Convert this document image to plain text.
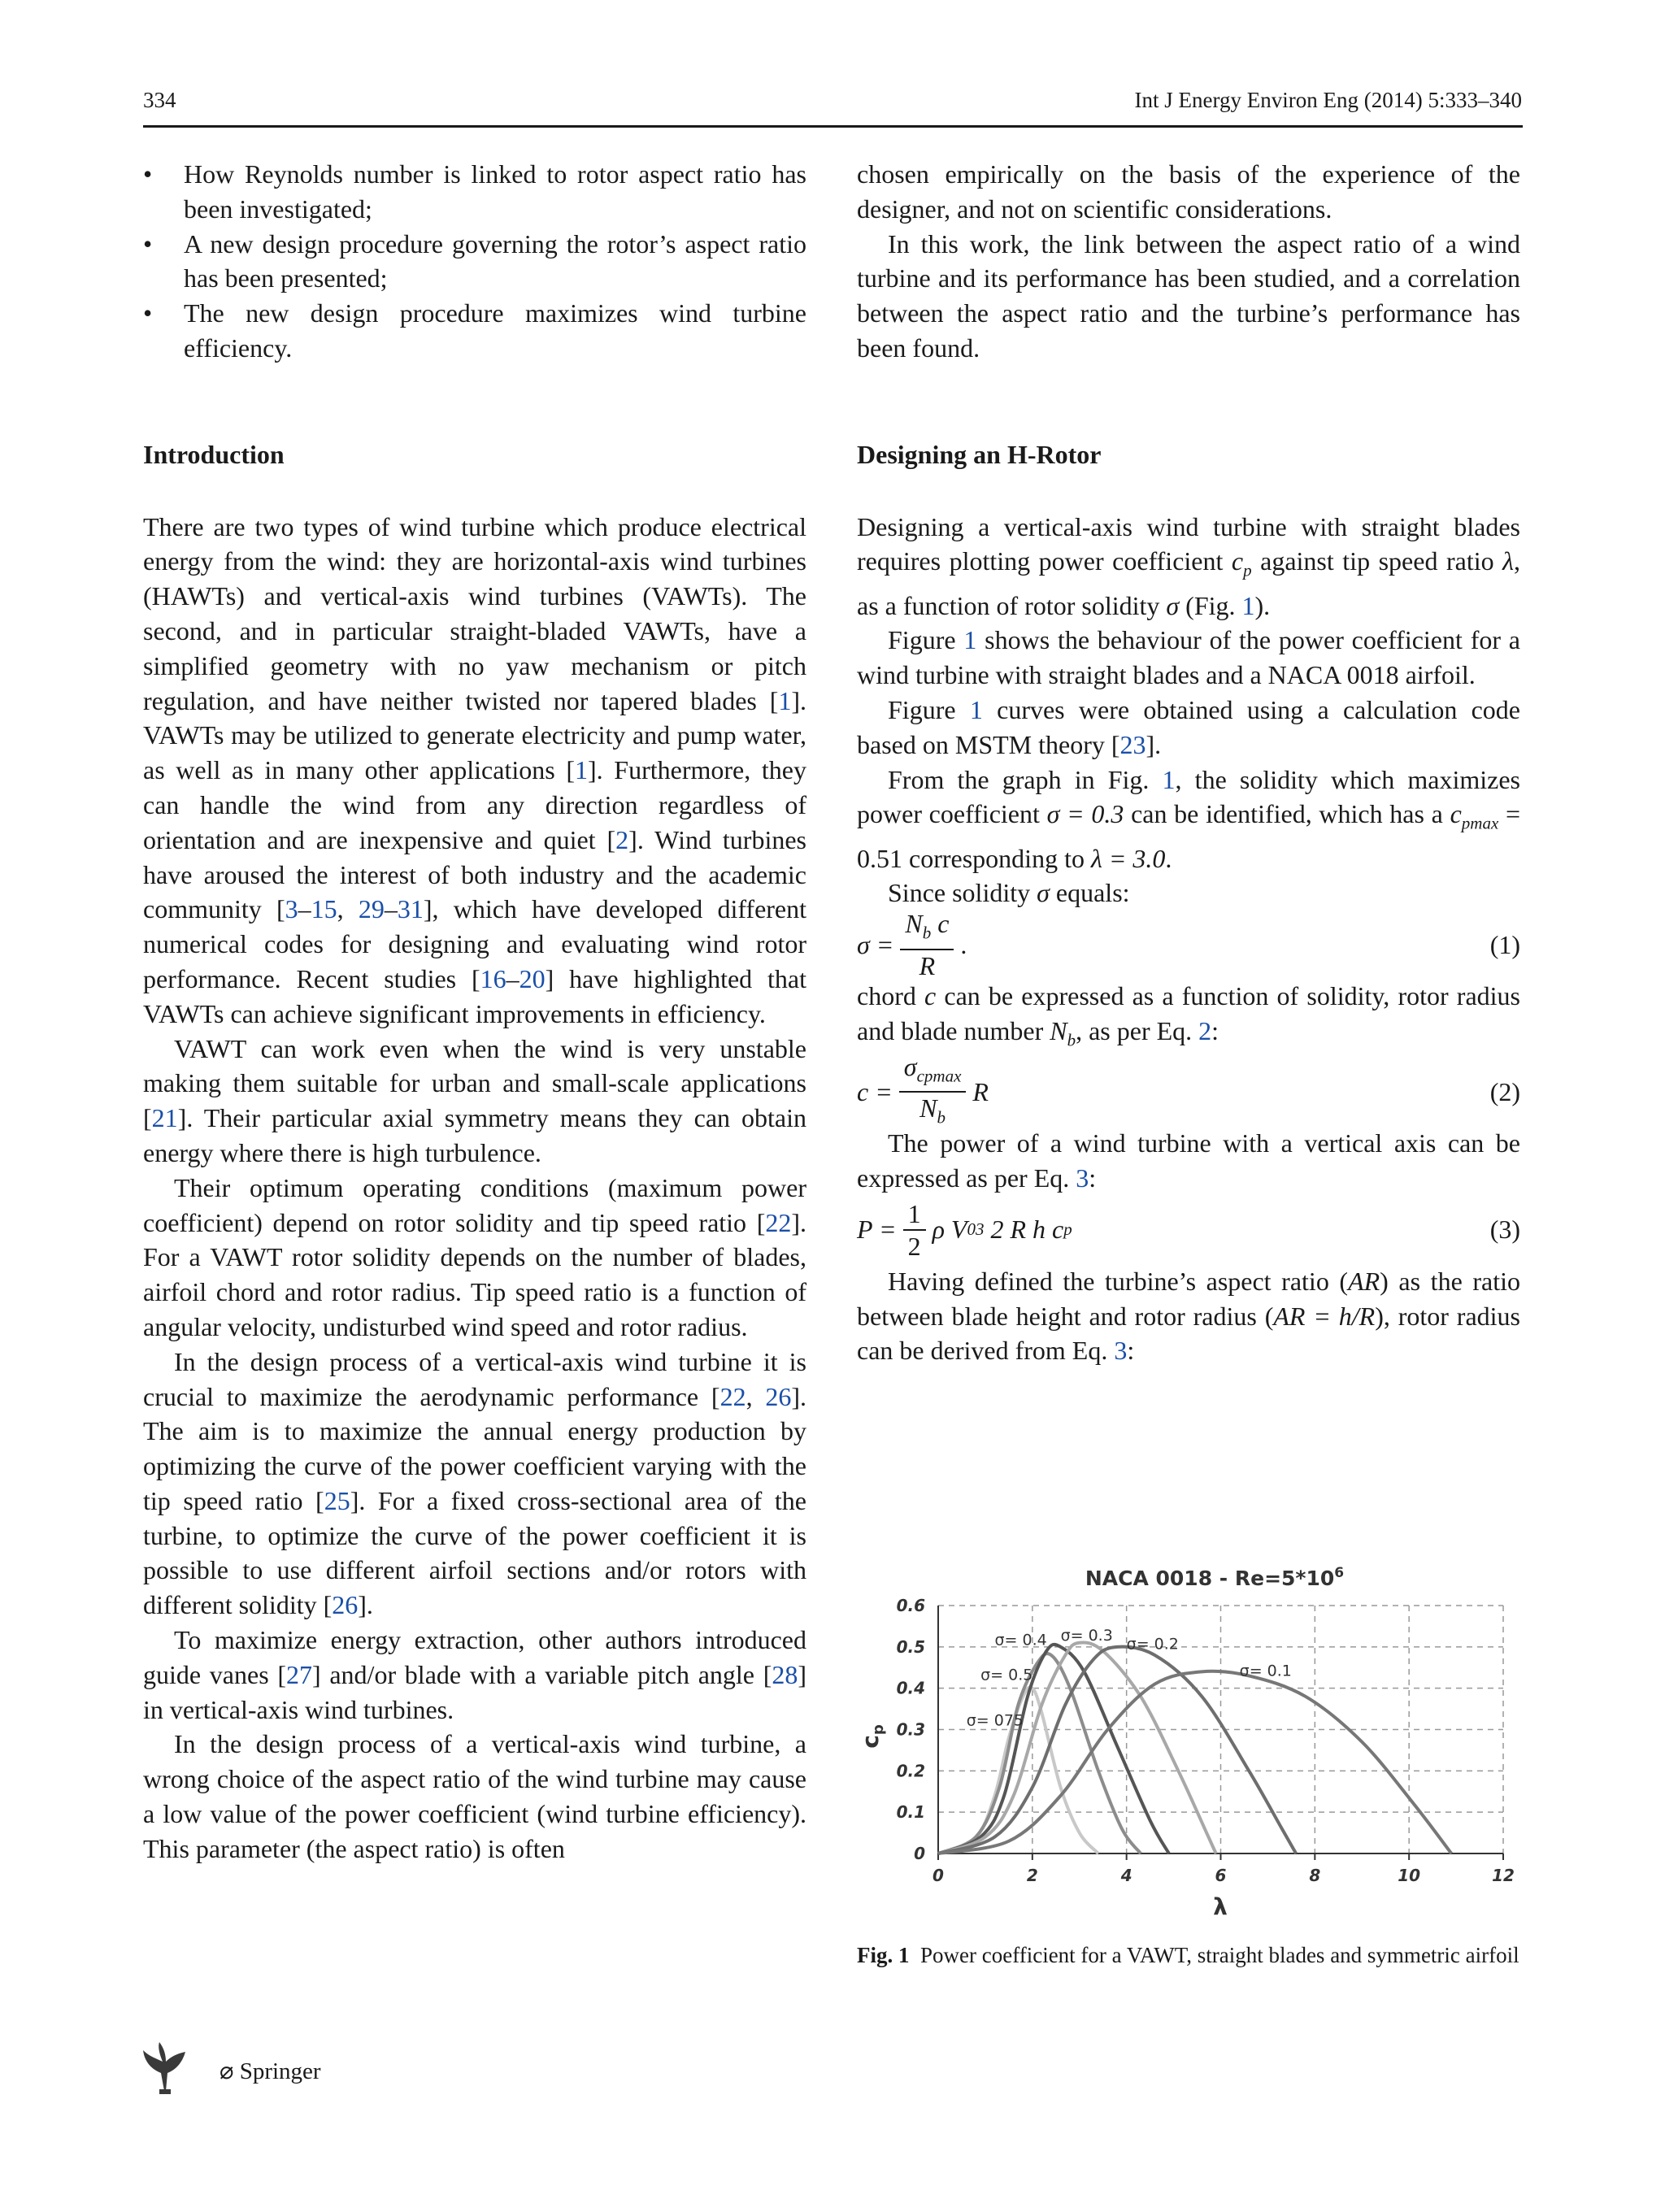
334	Int J Energy Environ Eng (2014) 5:333–340
• How Reynolds number is linked to rotor aspect ratio has been investigated;
• A new design procedure governing the rotor’s aspect ratio has been presented;
• The new design procedure maximizes wind turbine efficiency.
Introduction

There are two types of wind turbine which produce electrical energy from the wind: they are horizontal-axis wind turbines (HAWTs) and vertical-axis wind turbines (VAWTs). The second, and in particular straight-bladed VAWTs, have a simplified geometry with no yaw mechanism or pitch regulation, and have neither twisted nor tapered blades [1]. VAWTs may be utilized to generate electricity and pump water, as well as in many other applications [1]. Furthermore, they can handle the wind from any direction regardless of orientation and are inexpensive and quiet [2]. Wind turbines have aroused the interest of both industry and the academic community [3–15, 29–31], which have developed different numerical codes for designing and evaluating wind rotor performance. Recent studies [16–20] have highlighted that VAWTs can achieve significant improvements in efficiency.

VAWT can work even when the wind is very unstable making them suitable for urban and small-scale applications [21]. Their particular axial symmetry means they can obtain energy where there is high turbulence.

Their optimum operating conditions (maximum power coefficient) depend on rotor solidity and tip speed ratio [22]. For a VAWT rotor solidity depends on the number of blades, airfoil chord and rotor radius. Tip speed ratio is a function of angular velocity, undisturbed wind speed and rotor radius.

In the design process of a vertical-axis wind turbine it is crucial to maximize the aerodynamic performance [22, 26]. The aim is to maximize the annual energy production by optimizing the curve of the power coefficient varying with the tip speed ratio [25]. For a fixed cross-sectional area of the turbine, to optimize the curve of the power coefficient it is possible to use different airfoil sections and/or rotors with different solidity [26].

To maximize energy extraction, other authors introduced guide vanes [27] and/or blade with a variable pitch angle [28] in vertical-axis wind turbines.

In the design process of a vertical-axis wind turbine, a wrong choice of the aspect ratio of the wind turbine may cause a low value of the power coefficient (wind turbine efficiency). This parameter (the aspect ratio) is often

chosen empirically on the basis of the experience of the designer, and not on scientific considerations.

In this work, the link between the aspect ratio of a wind turbine and its performance has been studied, and a correlation between the aspect ratio and the turbine’s performance has been found.

Designing an H-Rotor

Designing a vertical-axis wind turbine with straight blades requires plotting power coefficient $c_p$ against tip speed ratio λ, as a function of rotor solidity σ (Fig. 1).

Figure 1 shows the behaviour of the power coefficient for a wind turbine with straight blades and a NACA 0018 airfoil.

Figure 1 curves were obtained using a calculation code based on MSTM theory [23].

From the graph in Fig. 1, the solidity which maximizes power coefficient σ = 0.3 can be identified, which has a $c_{pmax} = 0.51$ corresponding to λ = 3.0.

Since solidity σ equals:

$\sigma = \frac{N_b c}{R}$ .	(1)

chord c can be expressed as a function of solidity, rotor radius and blade number $N_b$, as per Eq. 2:

$c = \frac{\sigma_{cpmax}}{N_b}$ R	(2)

The power of a wind turbine with a vertical axis can be expressed as per Eq. 3:

$P = \frac{1}{2}$ ρ
V 0 3
2 R h c p	(3)

Having defined the turbine’s aspect ratio (AR) as the ratio between blade height and rotor radius (AR = h/R), rotor radius can be derived from Eq. 3:

NACA $0018 - Re=5*10^6$
0
0.1
0.2
0.3
0.4
0.5
0.6
0	2	4	6	8	10	12
σ= 0.4 σ= 0.3 σ= 0.2
σ= 0.5	σ= 0.1
σ= 075
λ
$c_p$
Fig. 1 Power coefficient for a VAWT, straight blades and symmetric airfoil
⌀ Springer
